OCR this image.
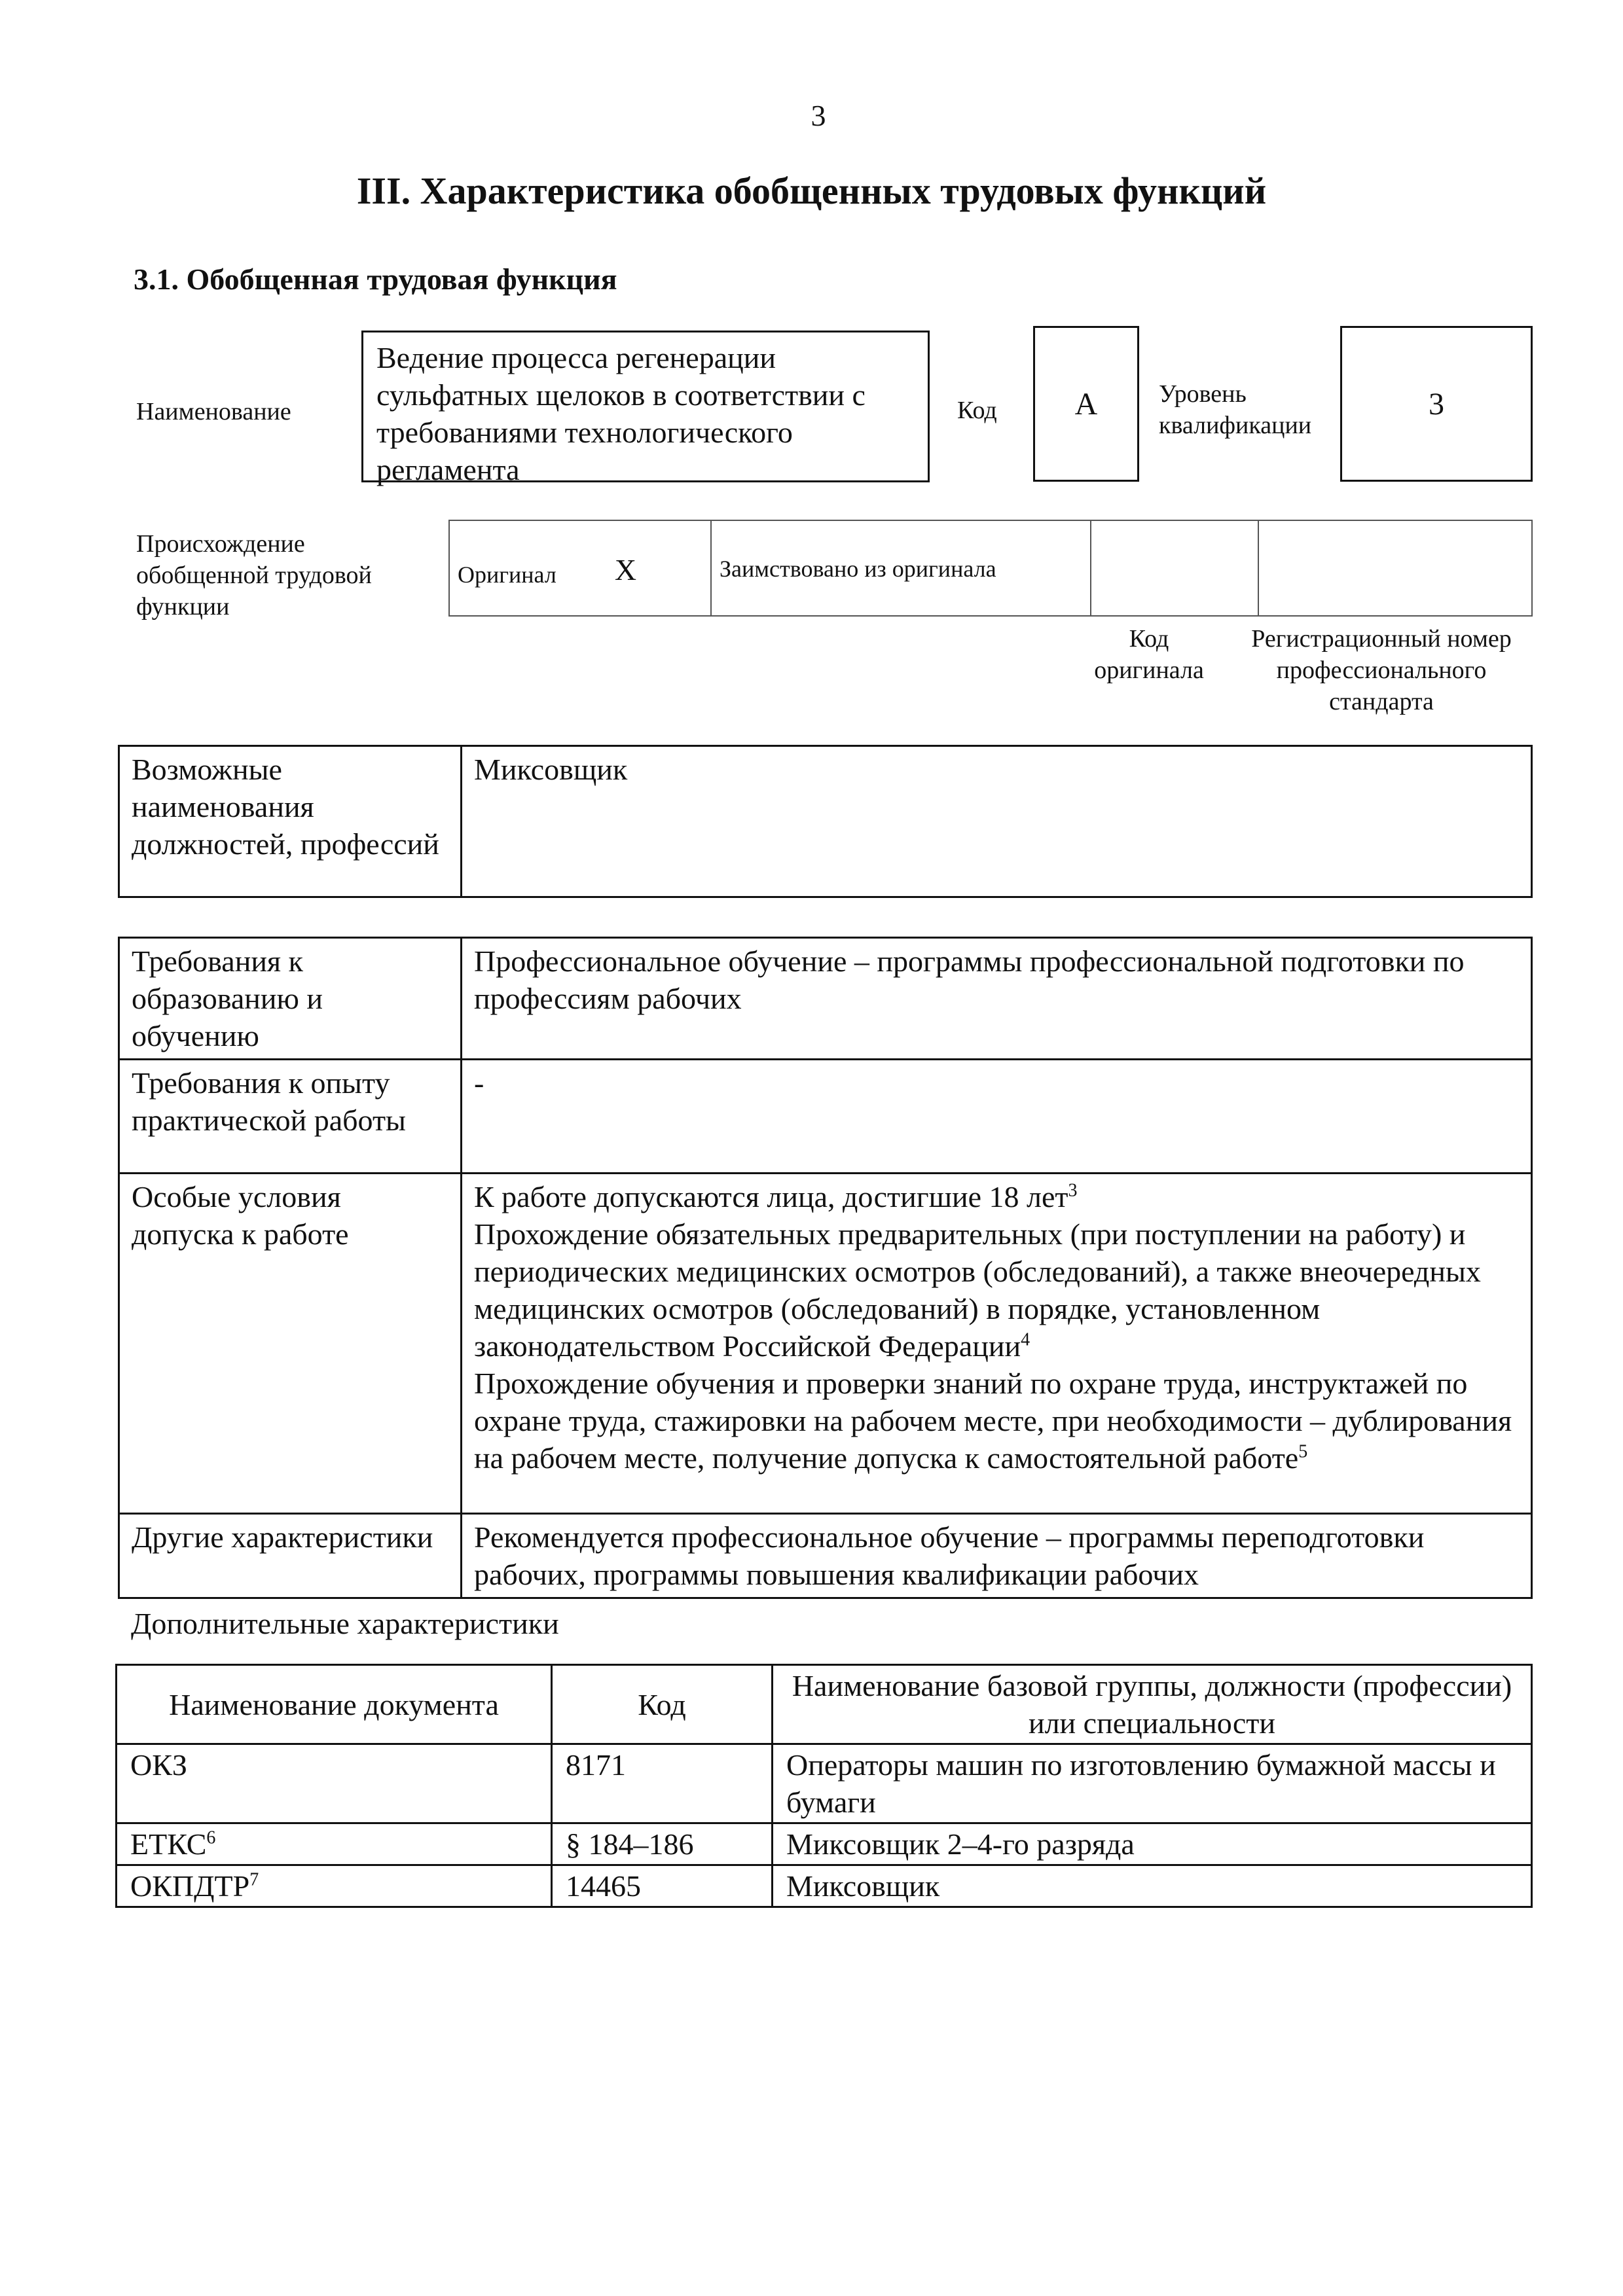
3
III. Характеристика обобщенных трудовых функций
3.1. Обобщенная трудовая функция
Наименование
Ведение процесса регенерации сульфатных щелоков в соответствии с требованиями технологического регламента
Код А Уровень квалификации
3
Происхождение обобщенной трудовой функции
Оригинал X	Заимствовано из оригинала		
Код оригинала
Регистрационный номер профессионального стандарта
Возможные наименования должностей, профессий	Миксовщик
Требования к образованию и обучению	Профессиональное обучение – программы профессиональной подготовки по профессиям рабочих
Требования к опыту практической работы	-
Особые условия допуска к работе	К работе допускаются лица, достигшие 18 лет$^3$
Прохождение обязательных предварительных (при поступлении на работу) и периодических медицинских осмотров (обследований), а также внеочередных медицинских осмотров (обследований) в порядке, установленном законодательством Российской Федерации$^4$
Прохождение обучения и проверки знаний по охране труда, инструктажей по охране труда, стажировки на рабочем месте, при необходимости – дублирования на рабочем месте, получение допуска к самостоятельной работе$^5$

Другие характеристики	Рекомендуется профессиональное обучение – программы переподготовки рабочих, программы повышения квалификации рабочих
Дополнительные характеристики
Наименование документа	Код	Наименование базовой группы, должности (профессии) или специальности
ОКЗ	8171	Операторы машин по изготовлению бумажной массы и бумаги
ЕТКС$^6$	§ 184–186	Миксовщик 2–4-го разряда
ОКПДТР$^7$	14465	Миксовщик
